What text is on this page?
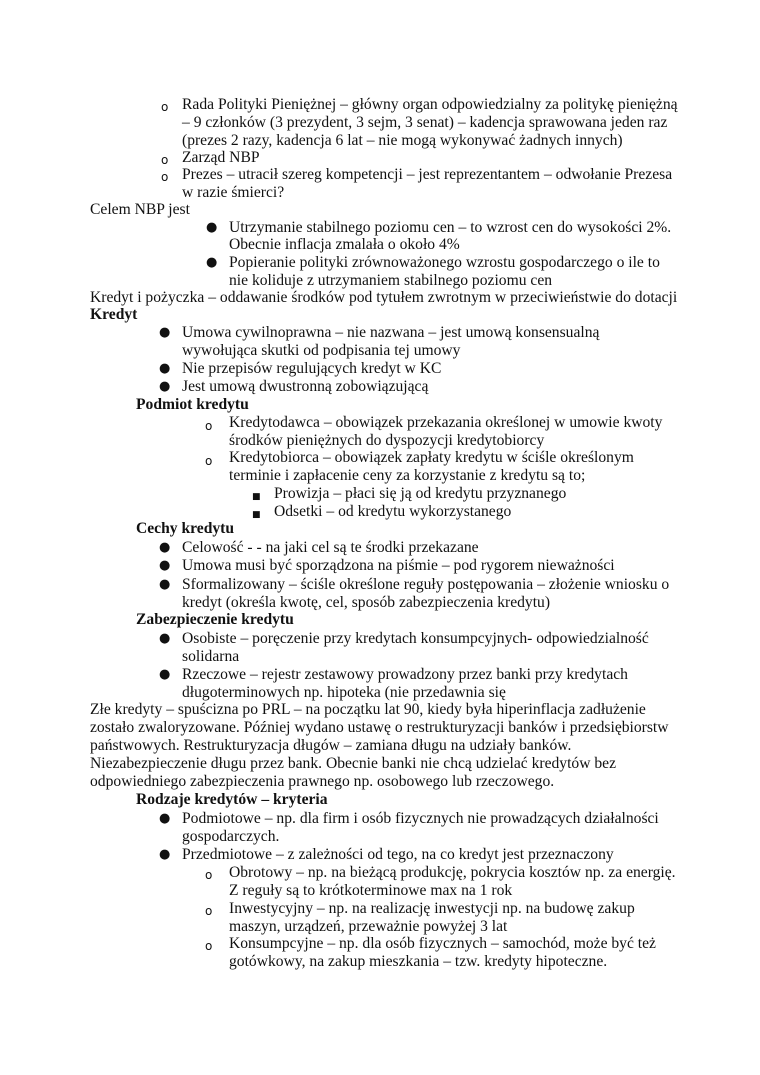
o Rada Polityki Pieniężnej – główny organ odpowiedzialny za politykę pieniężną
– 9 członków (3 prezydent, 3 sejm, 3 senat) – kadencja sprawowana jeden raz
(prezes 2 razy, kadencja 6 lat – nie mogą wykonywać żadnych innych)
o Zarząd NBP
o Prezes – utracił szereg kompetencji – jest reprezentantem – odwołanie Prezesa
w razie śmierci?
Celem NBP jest
● Utrzymanie stabilnego poziomu cen – to wzrost cen do wysokości 2%.
Obecnie inflacja zmalała o około 4%
● Popieranie polityki zrównoważonego wzrostu gospodarczego o ile to
nie koliduje z utrzymaniem stabilnego poziomu cen
Kredyt i pożyczka – oddawanie środków pod tytułem zwrotnym w przeciwieństwie do dotacji
Kredyt
● Umowa cywilnoprawna – nie nazwana – jest umową konsensualną
wywołująca skutki od podpisania tej umowy
● Nie przepisów regulujących kredyt w KC
● Jest umową dwustronną zobowiązującą
Podmiot kredytu
o Kredytodawca – obowiązek przekazania określonej w umowie kwoty
środków pieniężnych do dyspozycji kredytobiorcy
o Kredytobiorca – obowiązek zapłaty kredytu w ściśle określonym
terminie i zapłacenie ceny za korzystanie z kredytu są to;
■ Prowizja – płaci się ją od kredytu przyznanego
■ Odsetki – od kredytu wykorzystanego
Cechy kredytu
● Celowość - - na jaki cel są te środki przekazane
● Umowa musi być sporządzona na piśmie – pod rygorem nieważności
● Sformalizowany – ściśle określone reguły postępowania – złożenie wniosku o
kredyt (określa kwotę, cel, sposób zabezpieczenia kredytu)
Zabezpieczenie kredytu
● Osobiste – poręczenie przy kredytach konsumpcyjnych- odpowiedzialność
solidarna
● Rzeczowe – rejestr zestawowy prowadzony przez banki przy kredytach
długoterminowych np. hipoteka (nie przedawnia się
Złe kredyty – spuścizna po PRL – na początku lat 90, kiedy była hiperinflacja zadłużenie
zostało zwaloryzowane. Później wydano ustawę o restrukturyzacji banków i przedsiębiorstw
państwowych. Restrukturyzacja długów – zamiana długu na udziały banków.
Niezabezpieczenie długu przez bank. Obecnie banki nie chcą udzielać kredytów bez
odpowiedniego zabezpieczenia prawnego np. osobowego lub rzeczowego.
Rodzaje kredytów – kryteria
● Podmiotowe – np. dla firm i osób fizycznych nie prowadzących działalności
gospodarczych.
● Przedmiotowe – z zależności od tego, na co kredyt jest przeznaczony
o Obrotowy – np. na bieżącą produkcję, pokrycia kosztów np. za energię.
Z reguły są to krótkoterminowe max na 1 rok
o Inwestycyjny – np. na realizację inwestycji np. na budowę zakup
maszyn, urządzeń, przeważnie powyżej 3 lat
o Konsumpcyjne – np. dla osób fizycznych – samochód, może być też
gotówkowy, na zakup mieszkania – tzw. kredyty hipoteczne.
